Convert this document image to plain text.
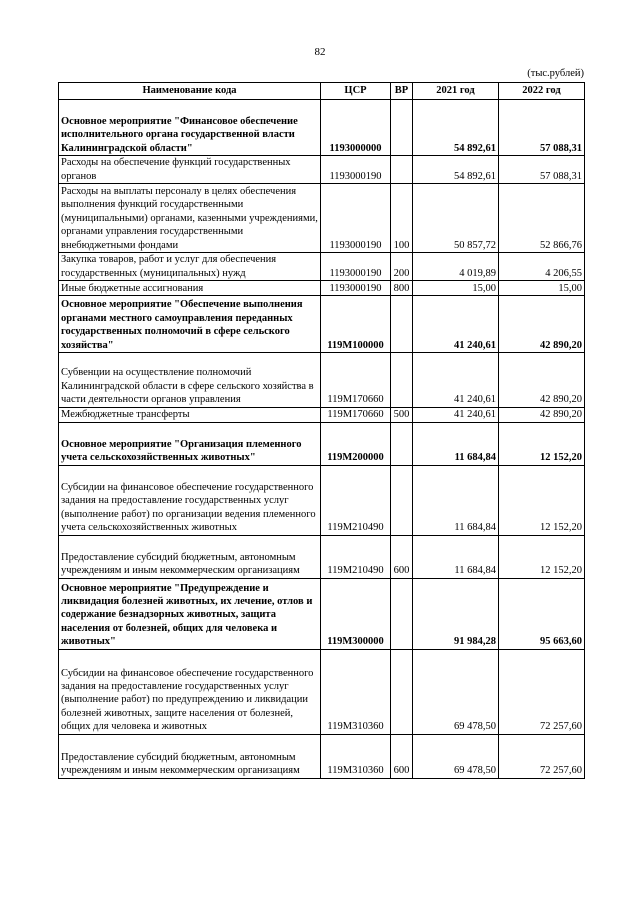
82
(тыс.рублей)
Наименование кода	ЦСР	ВР	2021 год	2022 год

Основное мероприятие "Финансовое обеспечение исполнительного органа государственной власти Калининградской области"	1193000000		54 892,61	57 088,31
Расходы на обеспечение функций государственных органов	1193000190		54 892,61	57 088,31
Расходы на выплаты персоналу в целях обеспечения выполнения функций государственными (муниципальными) органами, казенными учреждениями, органами управления государственными внебюджетными фондами	1193000190	100	50 857,72	52 866,76
Закупка товаров, работ и услуг для обеспечения государственных (муниципальных) нужд	1193000190	200	4 019,89	4 206,55
Иные бюджетные ассигнования	1193000190	800	15,00	15,00
Основное мероприятие "Обеспечение выполнения органами местного самоуправления переданных государственных полномочий в сфере сельского хозяйства"	119M100000		41 240,61	42 890,20

Субвенции на осуществление полномочий Калининградской области в сфере сельского хозяйства в части деятельности органов управления	119M170660		41 240,61	42 890,20
Межбюджетные трансферты	119M170660	500	41 240,61	42 890,20

Основное мероприятие "Организация племенного учета сельскохозяйственных животных"	119M200000		11 684,84	12 152,20
Субсидии на финансовое обеспечение государственного задания на предоставление государственных услуг (выполнение работ) по организации ведения племенного учета сельскохозяйственных животных	119M210490		11 684,84	12 152,20

Предоставление субсидий бюджетным, автономным учреждениям и иным некоммерческим организациям	119M210490	600	11 684,84	12 152,20
Основное мероприятие "Предупреждение и ликвидация болезней животных, их лечение, отлов и содержание безнадзорных животных, защита населения от болезней, общих для человека и животных"	119M300000		91 984,28	95 663,60
Субсидии на финансовое обеспечение государственного задания на предоставление государственных услуг (выполнение работ) по предупреждению и ликвидации болезней животных, защите населения от болезней, общих для человека и животных	119M310360		69 478,50	72 257,60

Предоставление субсидий бюджетным, автономным учреждениям и иным некоммерческим организациям	119M310360	600	69 478,50	72 257,60
